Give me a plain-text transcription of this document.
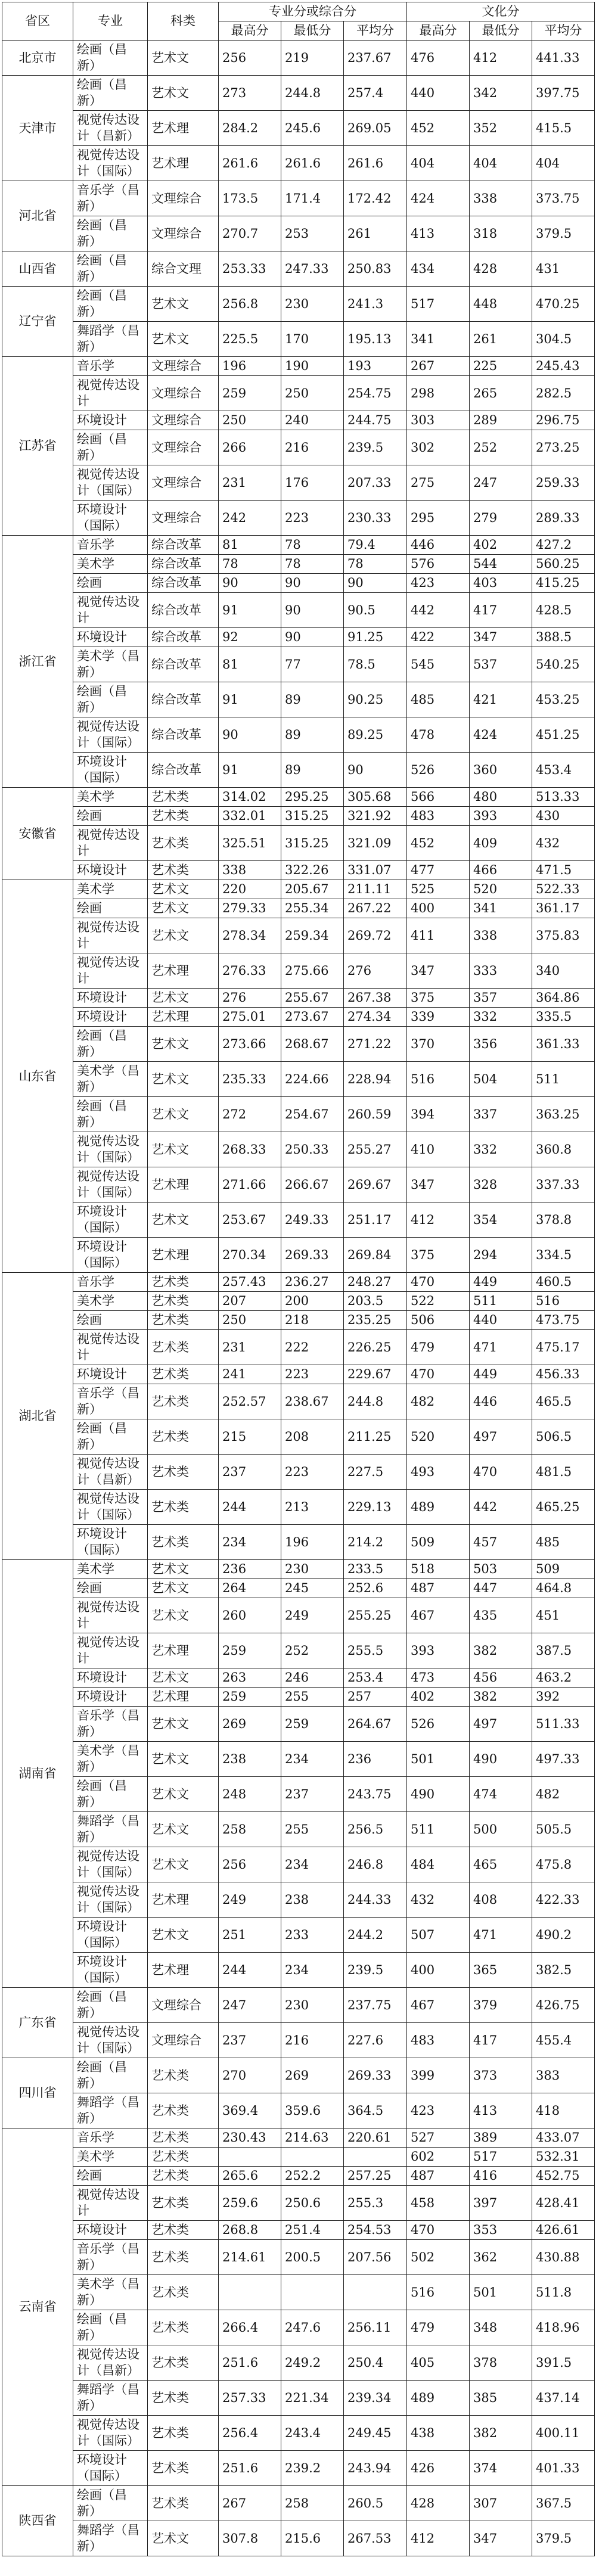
省区	专业	科类	专业分或综合分			文化分		
			最高分	最低分	平均分	最高分	最低分	平均分
北京市	绘画（昌新）	艺术文	256	219	237.67	476	412	441.33
天津市	绘画（昌新）	艺术文	273	244.8	257.4	440	342	397.75
	视觉传达设计（昌新）	艺术理	284.2	245.6	269.05	452	352	415.5
	视觉传达设计（国际）	艺术理	261.6	261.6	261.6	404	404	404
河北省	音乐学（昌新）	文理综合	173.5	171.4	172.42	424	338	373.75
	绘画（昌新）	文理综合	270.7	253	261	413	318	379.5
山西省	绘画（昌新）	综合文理	253.33	247.33	250.83	434	428	431
辽宁省	绘画（昌新）	艺术文	256.8	230	241.3	517	448	470.25
	舞蹈学（昌新）	艺术文	225.5	170	195.13	341	261	304.5
江苏省	音乐学	文理综合	196	190	193	267	225	245.43
	视觉传达设计	文理综合	259	250	254.75	298	265	282.5
	环境设计	文理综合	250	240	244.75	303	289	296.75
	绘画（昌新）	文理综合	266	216	239.5	302	252	273.25
	视觉传达设计（国际）	文理综合	231	176	207.33	275	247	259.33
	环境设计（国际）	文理综合	242	223	230.33	295	279	289.33
浙江省	音乐学	综合改革	81	78	79.4	446	402	427.2
	美术学	综合改革	78	78	78	576	544	560.25
	绘画	综合改革	90	90	90	423	403	415.25
	视觉传达设计	综合改革	91	90	90.5	442	417	428.5
	环境设计	综合改革	92	90	91.25	422	347	388.5
	美术学（昌新）	综合改革	81	77	78.5	545	537	540.25
	绘画（昌新）	综合改革	91	89	90.25	485	421	453.25
	视觉传达设计（国际）	综合改革	90	89	89.25	478	424	451.25
	环境设计（国际）	综合改革	91	89	90	526	360	453.4
安徽省	美术学	艺术类	314.02	295.25	305.68	566	480	513.33
	绘画	艺术类	332.01	315.25	321.92	483	393	430
	视觉传达设计	艺术类	325.51	315.25	321.09	452	409	432
	环境设计	艺术类	338	322.26	331.07	477	466	471.5
山东省	美术学	艺术文	220	205.67	211.11	525	520	522.33
	绘画	艺术文	279.33	255.34	267.22	400	341	361.17
	视觉传达设计	艺术文	278.34	259.34	269.72	411	338	375.83
	视觉传达设计	艺术理	276.33	275.66	276	347	333	340
	环境设计	艺术文	276	255.67	267.38	375	357	364.86
	环境设计	艺术理	275.01	273.67	274.34	339	332	335.5
	绘画（昌新）	艺术文	273.66	268.67	271.22	370	356	361.33
	美术学（昌新）	艺术文	235.33	224.66	228.94	516	504	511
	绘画（昌新）	艺术文	272	254.67	260.59	394	337	363.25
	视觉传达设计（国际）	艺术文	268.33	250.33	255.27	410	332	360.8
	视觉传达设计（国际）	艺术理	271.66	266.67	269.67	347	328	337.33
	环境设计（国际）	艺术文	253.67	249.33	251.17	412	354	378.8
	环境设计（国际）	艺术理	270.34	269.33	269.84	375	294	334.5
湖北省	音乐学	艺术类	257.43	236.27	248.27	470	449	460.5
	美术学	艺术类	207	200	203.5	522	511	516
	绘画	艺术类	250	218	235.25	506	440	473.75
	视觉传达设计	艺术类	231	222	226.25	479	471	475.17
	环境设计	艺术类	241	223	229.67	470	449	456.33
	音乐学（昌新）	艺术类	252.57	238.67	244.8	482	446	465.5
	绘画（昌新）	艺术类	215	208	211.25	520	497	506.5
	视觉传达设计（昌新）	艺术类	237	223	227.5	493	470	481.5
	视觉传达设计（国际）	艺术类	244	213	229.13	489	442	465.25
	环境设计（国际）	艺术类	234	196	214.2	509	457	485
湖南省	美术学	艺术文	236	230	233.5	518	503	509
	绘画	艺术文	264	245	252.6	487	447	464.8
	视觉传达设计	艺术文	260	249	255.25	467	435	451
	视觉传达设计	艺术理	259	252	255.5	393	382	387.5
	环境设计	艺术文	263	246	253.4	473	456	463.2
	环境设计	艺术理	259	255	257	402	382	392
	音乐学（昌新）	艺术文	269	259	264.67	526	497	511.33
	美术学（昌新）	艺术文	238	234	236	501	490	497.33
	绘画（昌新）	艺术文	248	237	243.75	490	474	482
	舞蹈学（昌新）	艺术文	258	255	256.5	511	500	505.5
	视觉传达设计（国际）	艺术文	256	234	246.8	484	465	475.8
	视觉传达设计（国际）	艺术理	249	238	244.33	432	408	422.33
	环境设计（国际）	艺术文	251	233	244.2	507	471	490.2
	环境设计（国际）	艺术理	244	234	239.5	400	365	382.5
广东省	绘画（昌新）	文理综合	247	230	237.75	467	379	426.75
	视觉传达设计（国际）	文理综合	237	216	227.6	483	417	455.4
四川省	绘画（昌新）	艺术类	270	269	269.33	399	373	383
	舞蹈学（昌新）	艺术类	369.4	359.6	364.5	423	413	418
云南省	音乐学	艺术类	230.43	214.63	220.61	527	389	433.07
	美术学	艺术类				602	517	532.31
	绘画	艺术类	265.6	252.2	257.25	487	416	452.75
	视觉传达设计	艺术类	259.6	250.6	255.3	458	397	428.41
	环境设计	艺术类	268.8	251.4	254.53	470	353	426.61
	音乐学（昌新）	艺术类	214.61	200.5	207.56	502	362	430.88
	美术学（昌新）	艺术类				516	501	511.8
	绘画（昌新）	艺术类	266.4	247.6	256.11	479	348	418.96
	视觉传达设计（昌新）	艺术类	251.6	249.2	250.4	405	378	391.5
	舞蹈学（昌新）	艺术类	257.33	221.34	239.34	489	385	437.14
	视觉传达设计（国际）	艺术类	256.4	243.4	249.45	438	382	400.11
	环境设计（国际）	艺术类	251.6	239.2	243.94	426	374	401.33
陕西省	绘画（昌新）	艺术类	267	258	260.5	428	307	367.5
	舞蹈学（昌新）	艺术文	307.8	215.6	267.53	412	347	379.5
